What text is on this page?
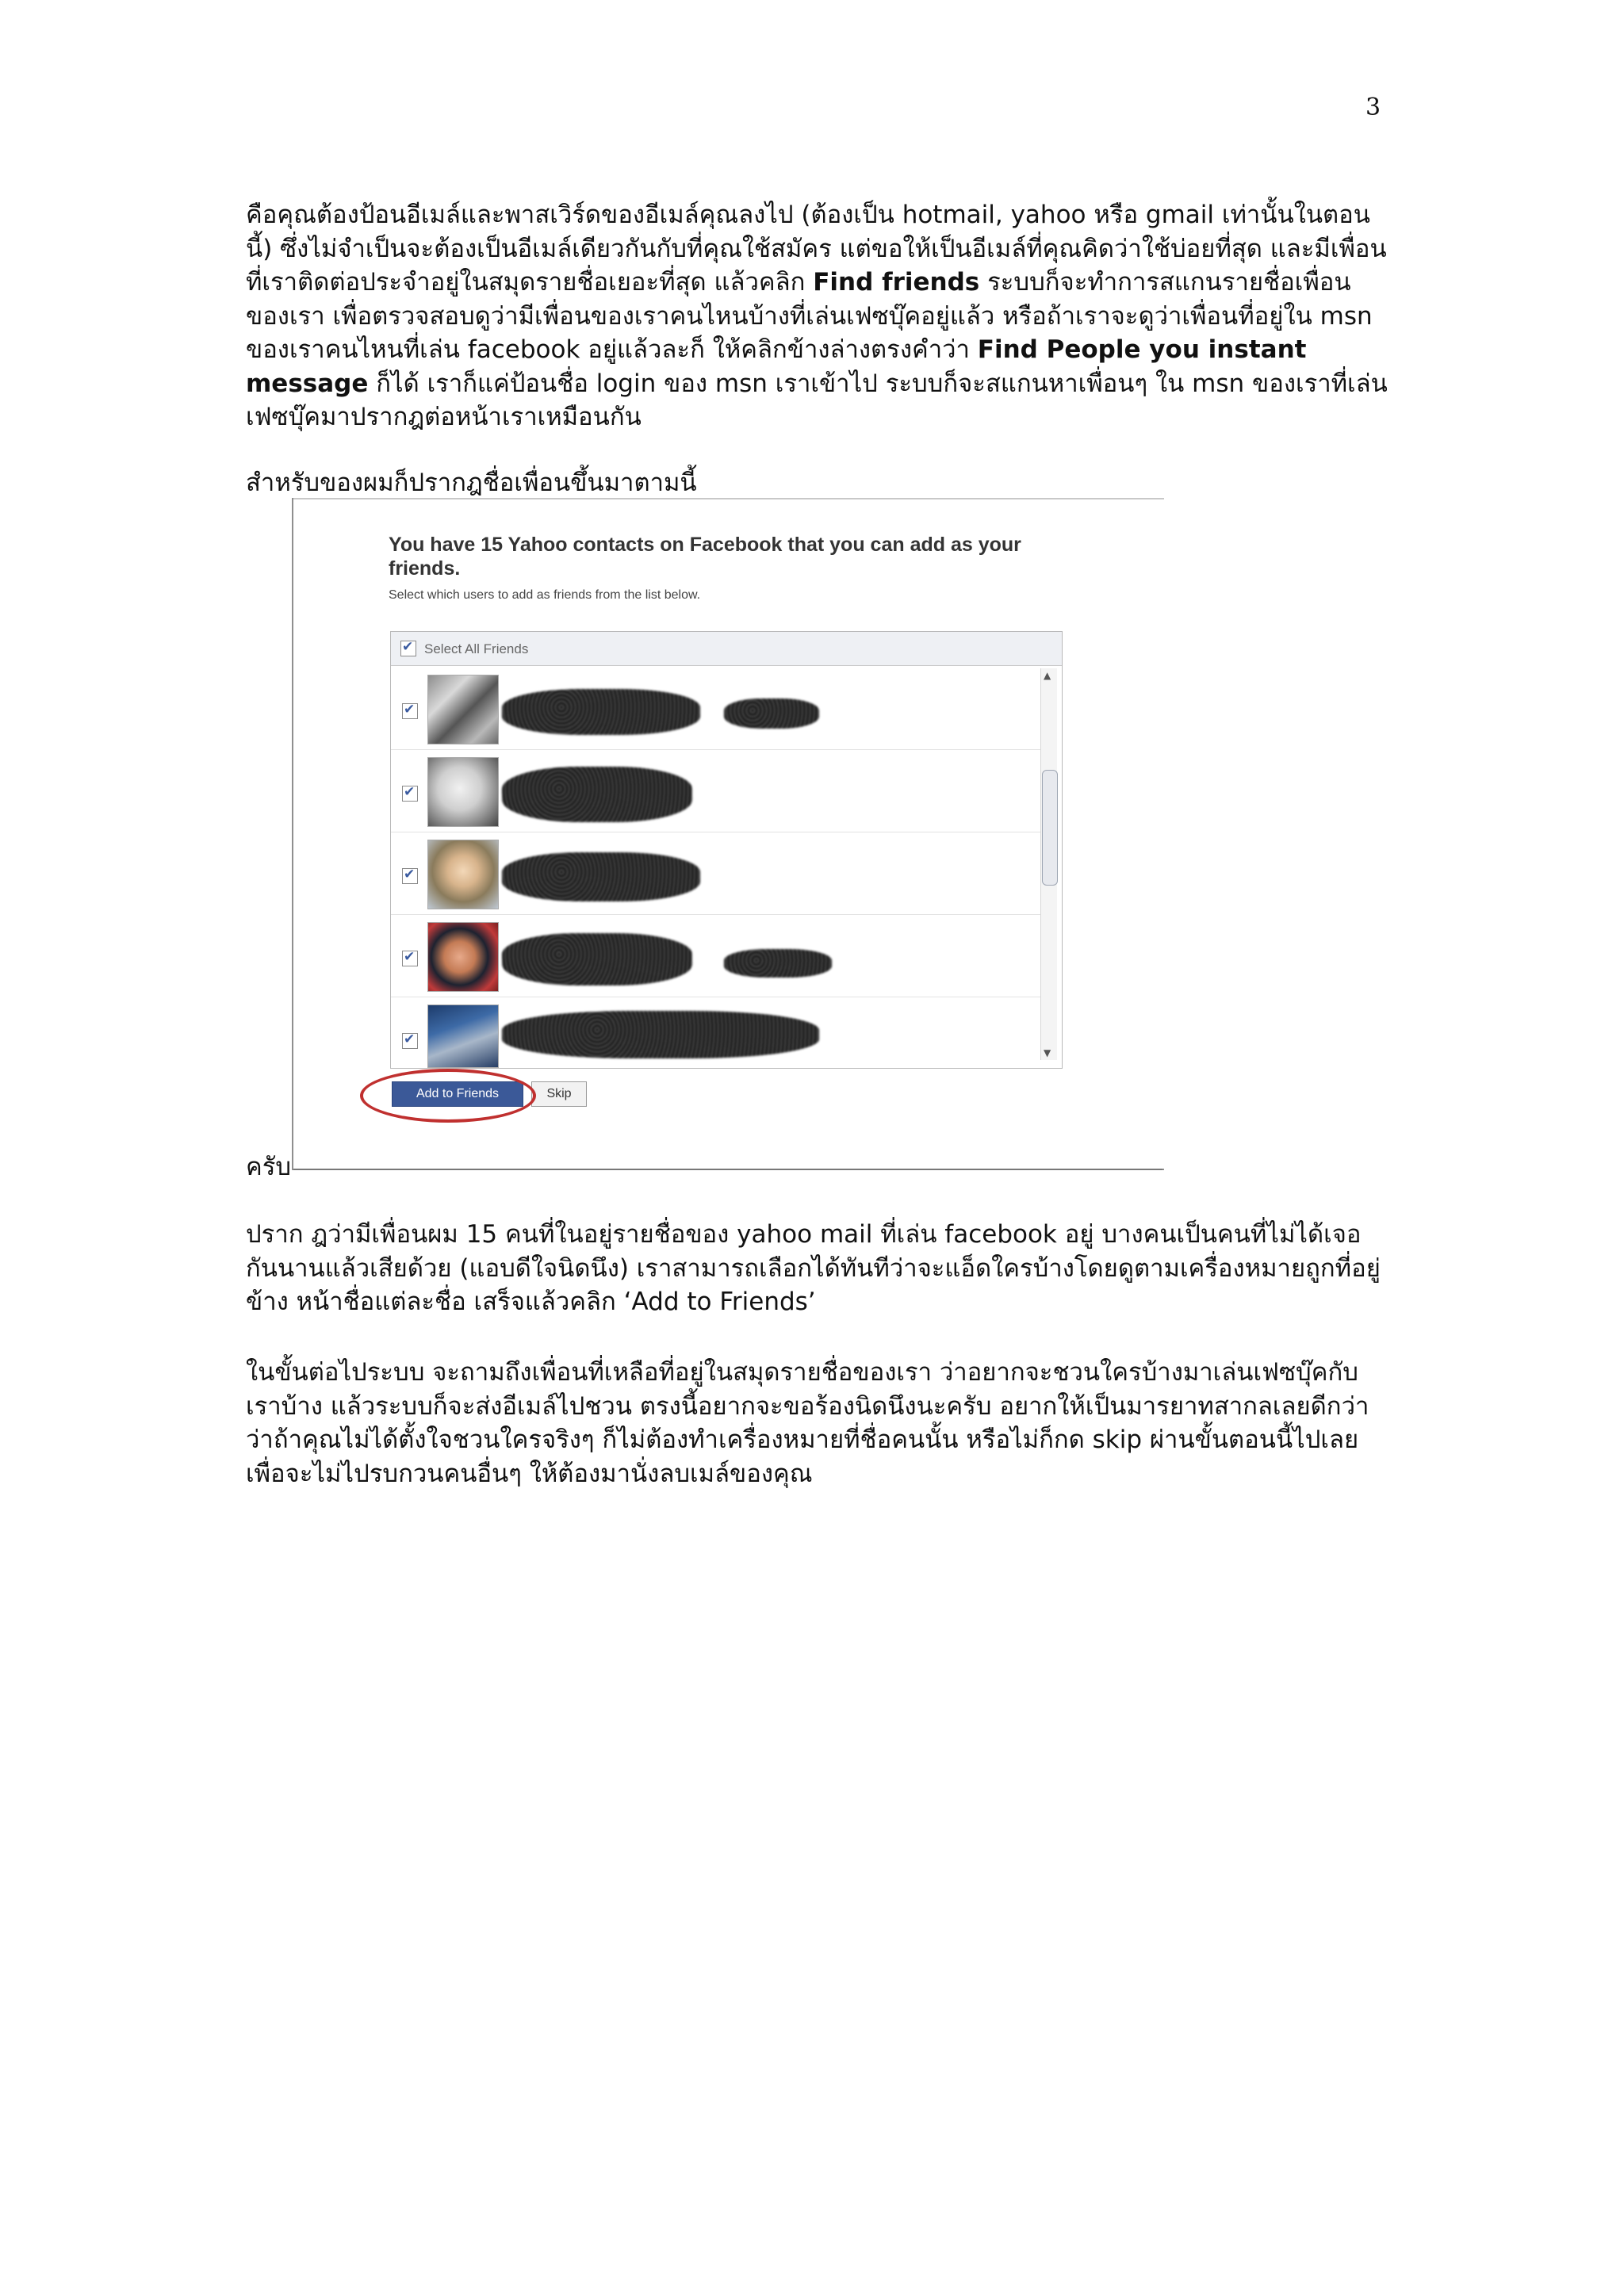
3

คือคุณต้องป้อนอีเมล์และพาสเวิร์ดของอีเมล์คุณลงไป (ต้องเป็น hotmail, yahoo หรือ gmail เท่านั้นในตอนนี้) ซึ่งไม่จำเป็นจะต้องเป็นอีเมล์เดียวกันกับที่คุณใช้สมัคร แต่ขอให้เป็นอีเมล์ที่คุณคิดว่าใช้บ่อยที่สุด และมีเพื่อนที่เราติดต่อประจำอยู่ในสมุดรายชื่อเยอะที่สุด แล้วคลิก Find friends ระบบก็จะทำการสแกนรายชื่อเพื่อนของเรา เพื่อตรวจสอบดูว่ามีเพื่อนของเราคนไหนบ้างที่เล่นเฟซบุ๊คอยู่แล้ว หรือถ้าเราจะดูว่าเพื่อนที่อยู่ใน msn ของเราคนไหนที่เล่น facebook อยู่แล้วละก็ ให้คลิกข้างล่างตรงคำว่า Find People you instant message ก็ได้ เราก็แค่ป้อนชื่อ login ของ msn เราเข้าไป ระบบก็จะสแกนหาเพื่อนๆ ใน msn ของเราที่เล่นเฟซบุ๊คมาปรากฎต่อหน้าเราเหมือนกัน

สำหรับของผมก็ปรากฎชื่อเพื่อนขึ้นมาตามนี้

You have 15 Yahoo contacts on Facebook that you can add as your friends.
Select which users to add as friends from the list below.
✔
Select All Friends
✔
✔
✔
✔
✔
▲
▼
Add to Friends	Skip
ครับ

ปราก ฎว่ามีเพื่อนผม 15 คนที่ในอยู่รายชื่อของ yahoo mail ที่เล่น facebook อยู่ บางคนเป็นคนที่ไม่ได้เจอกันนานแล้วเสียด้วย (แอบดีใจนิดนึง) เราสามารถเลือกได้ทันทีว่าจะแอ็ดใครบ้างโดยดูตามเครื่องหมายถูกที่อยู่ข้าง หน้าชื่อแต่ละชื่อ เสร็จแล้วคลิก ‘Add to Friends’

ในขั้นต่อไประบบ จะถามถึงเพื่อนที่เหลือที่อยู่ในสมุดรายชื่อของเรา ว่าอยากจะชวนใครบ้างมาเล่นเฟซบุ๊คกับเราบ้าง แล้วระบบก็จะส่งอีเมล์ไปชวน ตรงนี้อยากจะขอร้องนิดนึงนะครับ อยากให้เป็นมารยาทสากลเลยดีกว่าว่าถ้าคุณไม่ได้ตั้งใจชวนใครจริงๆ ก็ไม่ต้องทำเครื่องหมายที่ชื่อคนนั้น หรือไม่ก็กด skip ผ่านขั้นตอนนี้ไปเลย เพื่อจะไม่ไปรบกวนคนอื่นๆ ให้ต้องมานั่งลบเมล์ของคุณ
